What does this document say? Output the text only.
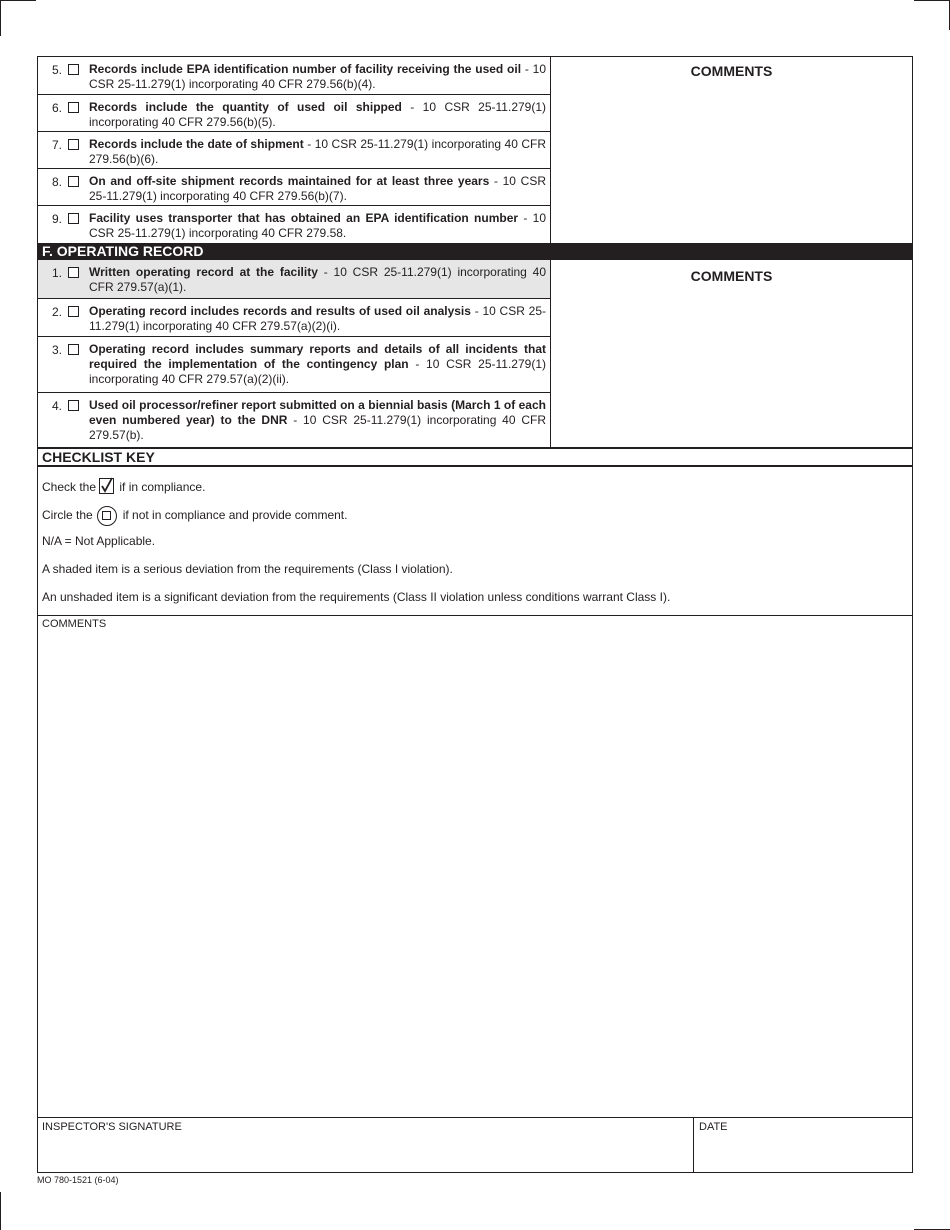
5. Records include EPA identification number of facility receiving the used oil - 10 CSR 25-11.279(1) incorporating 40 CFR 279.56(b)(4).
6. Records include the quantity of used oil shipped - 10 CSR 25-11.279(1) incorporating 40 CFR 279.56(b)(5).
7. Records include the date of shipment - 10 CSR 25-11.279(1) incorporating 40 CFR 279.56(b)(6).
8. On and off-site shipment records maintained for at least three years - 10 CSR 25-11.279(1) incorporating 40 CFR 279.56(b)(7).
9. Facility uses transporter that has obtained an EPA identification number - 10 CSR 25-11.279(1) incorporating 40 CFR 279.58.
COMMENTS
F. OPERATING RECORD
1. Written operating record at the facility - 10 CSR 25-11.279(1) incorporating 40 CFR 279.57(a)(1).
2. Operating record includes records and results of used oil analysis - 10 CSR 25-11.279(1) incorporating 40 CFR 279.57(a)(2)(i).
3. Operating record includes summary reports and details of all incidents that required the implementation of the contingency plan - 10 CSR 25-11.279(1) incorporating 40 CFR 279.57(a)(2)(ii).
4. Used oil processor/refiner report submitted on a biennial basis (March 1 of each even numbered year) to the DNR - 10 CSR 25-11.279(1) incorporating 40 CFR 279.57(b).
COMMENTS
CHECKLIST KEY
Check the
if in compliance.
Circle the	if not in compliance and provide comment.
N/A = Not Applicable.
A shaded item is a serious deviation from the requirements (Class I violation).
An unshaded item is a significant deviation from the requirements (Class II violation unless conditions warrant Class I).
COMMENTS
INSPECTOR'S SIGNATURE	DATE
MO 780-1521 (6-04)
